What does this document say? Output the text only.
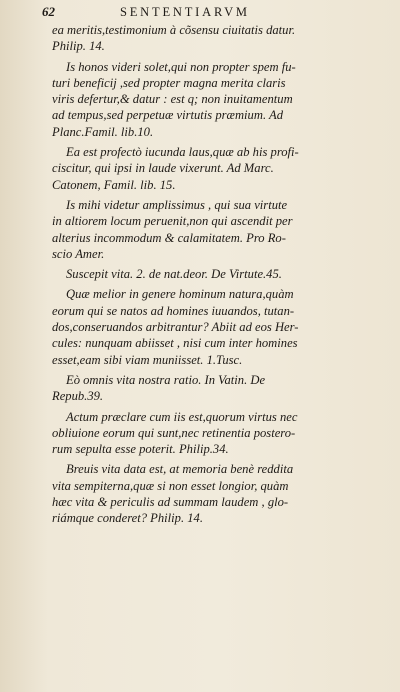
62	SENTENTIARVM
ea meritis,testimonium à cõsensu ciuitatis datur.
Philip. 14.
Is honos videri solet,qui non propter spem fu-
turi beneficij ,sed propter magna merita claris
viris defertur,& datur : est q; non inuitamentum
ad tempus,sed perpetuæ virtutis præmium. Ad
Planc.Famil. lib.10.
Ea est profectò iucunda laus,quæ ab his profi-
ciscitur, qui ipsi in laude vixerunt. Ad Marc.
Catonem, Famil. lib. 15.
Is mihi videtur amplissimus , qui sua virtute
in altiorem locum peruenit,non qui ascendit per
alterius incommodum & calamitatem. Pro Ro-
scio Amer.
Suscepit vita. 2. de nat.deor. De Virtute.45.
Quæ melior in genere hominum natura,quàm
eorum qui se natos ad homines iuuandos, tutan-
dos,conseruandos arbitrantur? Abiit ad eos Her-
cules: nunquam abiisset , nisi cum inter homines
esset,eam sibi viam muniisset. 1.Tusc.
Eò omnis vita nostra ratio. In Vatin. De
Repub.39.
Actum præclare cum iis est,quorum virtus nec
obliuione eorum qui sunt,nec retinentia postero-
rum sepulta esse poterit. Philip.34.
Breuis vita data est, at memoria benè reddita
vita sempiterna,quæ si non esset longior, quàm
hæc vita & periculis ad summam laudem , glo-
riámque conderet? Philip. 14.
